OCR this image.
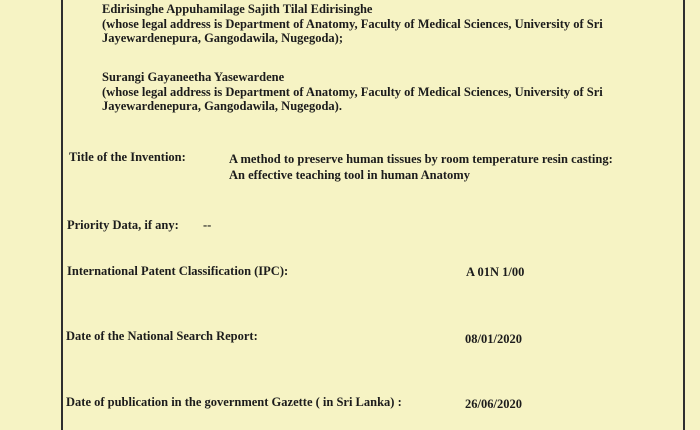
Edirisinghe Appuhamilage Sajith Tilal Edirisinghe
(whose legal address is Department of Anatomy, Faculty of Medical Sciences, University of Sri
Jayewardenepura, Gangodawila, Nugegoda);
Surangi Gayaneetha Yasewardene
(whose legal address is Department of Anatomy, Faculty of Medical Sciences, University of Sri
Jayewardenepura, Gangodawila, Nugegoda).
Title of the Invention:	A method to preserve human tissues by room temperature resin casting:
An effective teaching tool in human Anatomy
Priority Data, if any: --
International Patent Classification (IPC):	A 01N 1/00
Date of the National Search Report:	08/01/2020
Date of publication in the government Gazette ( in Sri Lanka) :	26/06/2020
